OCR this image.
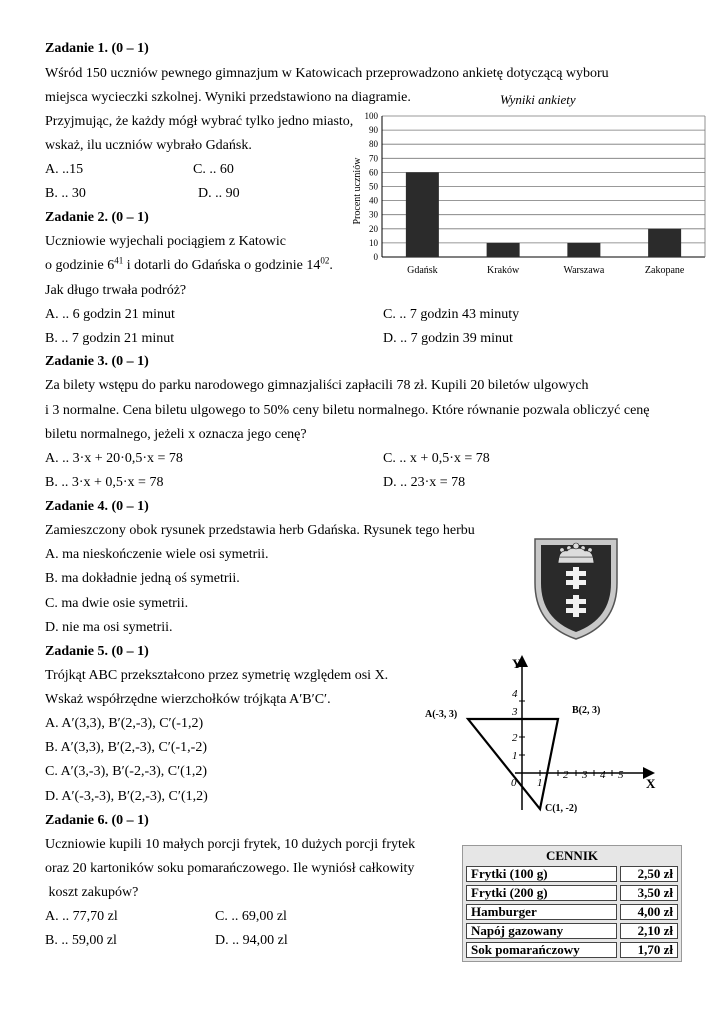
Zadanie 1. (0 – 1)
Wśród 150 uczniów pewnego gimnazjum w Katowicach przeprowadzono ankietę dotyczącą wyboru
miejsca wycieczki szkolnej. Wyniki przedstawiono na diagramie.
Przyjmując, że każdy mógł wybrać tylko jedno miasto,
wskaż, ilu uczniów wybrało Gdańsk.
A. ..15	C. .. 60
B. .. 30	D. .. 90
Wyniki ankiety
Procent uczniów
0
10
20
30
40
50
60
70
80
90
100
Gdańsk	Kraków	Warszawa	Zakopane
Zadanie 2. (0 – 1)
Uczniowie wyjechali pociągiem z Katowic
o godzinie $6^{41}$ i dotarli do Gdańska o godzinie $14^{02}$.
Jak długo trwała podróż?
A. .. 6 godzin 21 minut	C. .. 7 godzin 43 minuty
B. .. 7 godzin 21 minut	D. .. 7 godzin 39 minut
Zadanie 3. (0 – 1)
Za bilety wstępu do parku narodowego gimnazjaliści zapłacili 78 zł. Kupili 20 biletów ulgowych
i 3 normalne. Cena biletu ulgowego to 50% ceny biletu normalnego. Które równanie pozwala obliczyć cenę
biletu normalnego, jeżeli x oznacza jego cenę?
A. .. 3·x + 20·0,5·x = 78	C. .. x + 0,5·x = 78
B. .. 3·x + 0,5·x = 78	D. .. 23·x = 78
Zadanie 4. (0 – 1)
Zamieszczony obok rysunek przedstawia herb Gdańska. Rysunek tego herbu
A. ma nieskończenie wiele osi symetrii.
B. ma dokładnie jedną oś symetrii.
C. ma dwie osie symetrii.
D. nie ma osi symetrii.
Zadanie 5. (0 – 1)
Trójkąt ABC przekształcono przez symetrię względem osi X.
Wskaż współrzędne wierzchołków trójkąta A′B′C′.
A. A′(3,3), B′(2,-3), C′(-1,2)
B. A′(3,3), B′(2,-3), C′(-1,-2)
C. A′(3,-3), B′(-2,-3), C′(1,2)
D. A′(-3,-3), B′(2,-3), C′(1,2)
0 1
2 3 4 5
1
2
3
4
Y
X
A(-3, 3)	B(2, 3)
C(1, -2)
Zadanie 6. (0 – 1)
Uczniowie kupili 10 małych porcji frytek, 10 dużych porcji frytek
oraz 20 kartoników soku pomarańczowego. Ile wyniósł całkowity
koszt zakupów?
A. .. 77,70 zl	C. .. 69,00 zl
B. .. 59,00 zl	D. .. 94,00 zl
CENNIK	
Frytki (100 g)	2,50 zł
Frytki (200 g)	3,50 zł
Hamburger	4,00 zł
Napój gazowany	2,10 zł
Sok pomarańczowy	1,70 zł
